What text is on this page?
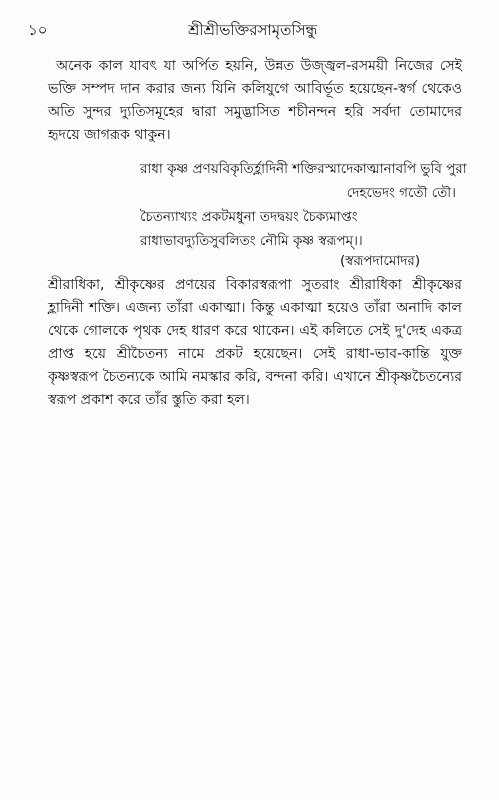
১০	শ্রীশ্রীভক্তিরসামৃতসিন্ধু

অনেক কাল যাবৎ যা অর্পিত হয়নি, উন্নত উজ্জ্বল-রসময়ী নিজের সেই ভক্তি সম্পদ দান করার জন্য যিনি কলিযুগে আবির্ভূত হয়েছেন-স্বর্গ থেকেও অতি সুন্দর দ্যুতিসমূহের দ্বারা সমুদ্ভাসিত শচীনন্দন হরি সর্বদা তোমাদের হৃদয়ে জাগরূক থাকুন।

রাধা কৃষ্ণ প্রণয়বিকৃতির্হ্লাদিনী শক্তিরস্মাদেকাত্মানাবপি ভুবি পুরা
দেহভেদং গতৌ তৌ।
চৈতন্যাখ্যং প্রকটমধুনা তদদ্বয়ং চৈক্যমাপ্তং
রাধাভাবদ্যুতিসুবলিতং নৌমি কৃষ্ণ স্বরূপম্।।
(স্বরূপদামোদর)

শ্রীরাধিকা, শ্রীকৃষ্ণের প্রণয়ের বিকারস্বরূপা সুতরাং শ্রীরাধিকা শ্রীকৃষ্ণের হ্লাদিনী শক্তি। এজন্য তাঁরা একাত্মা। কিন্তু একাত্মা হয়েও তাঁরা অনাদি কাল থেকে গোলকে পৃথক দেহ ধারণ করে থাকেন। এই কলিতে সেই দু'দেহ একত্র প্রাপ্ত হয়ে শ্রীচৈতন্য নামে প্রকট হয়েছেন। সেই রাধা-ভাব-কান্তি যুক্ত কৃষ্ণস্বরূপ চৈতন্যকে আমি নমস্কার করি, বন্দনা করি। এখানে শ্রীকৃষ্ণচৈতন্যের স্বরূপ প্রকাশ করে তাঁর স্তুতি করা হল।
